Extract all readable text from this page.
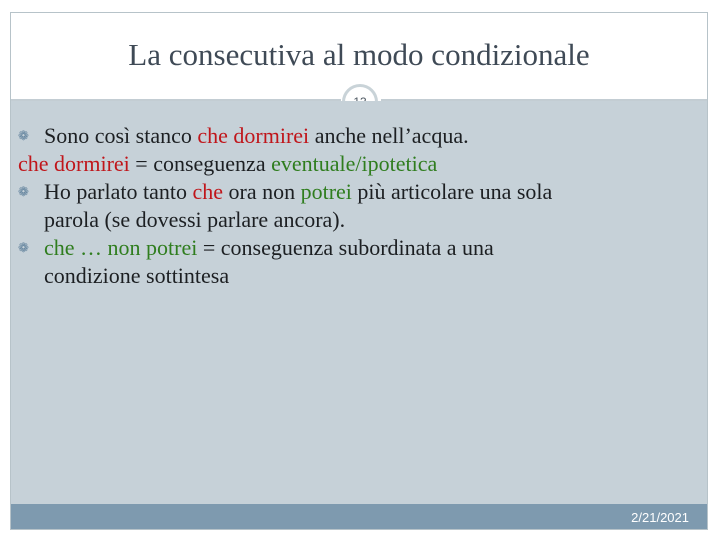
La consecutiva al modo condizionale
❁ Sono così stanco che dormirei anche nell’acqua.
che dormirei = conseguenza eventuale/ipotetica
❁ Ho parlato tanto che ora non potrei più articolare una sola
parola (se dovessi parlare ancora).
❁ che … non potrei = conseguenza subordinata a una
condizione sottintesa
2/21/2021
